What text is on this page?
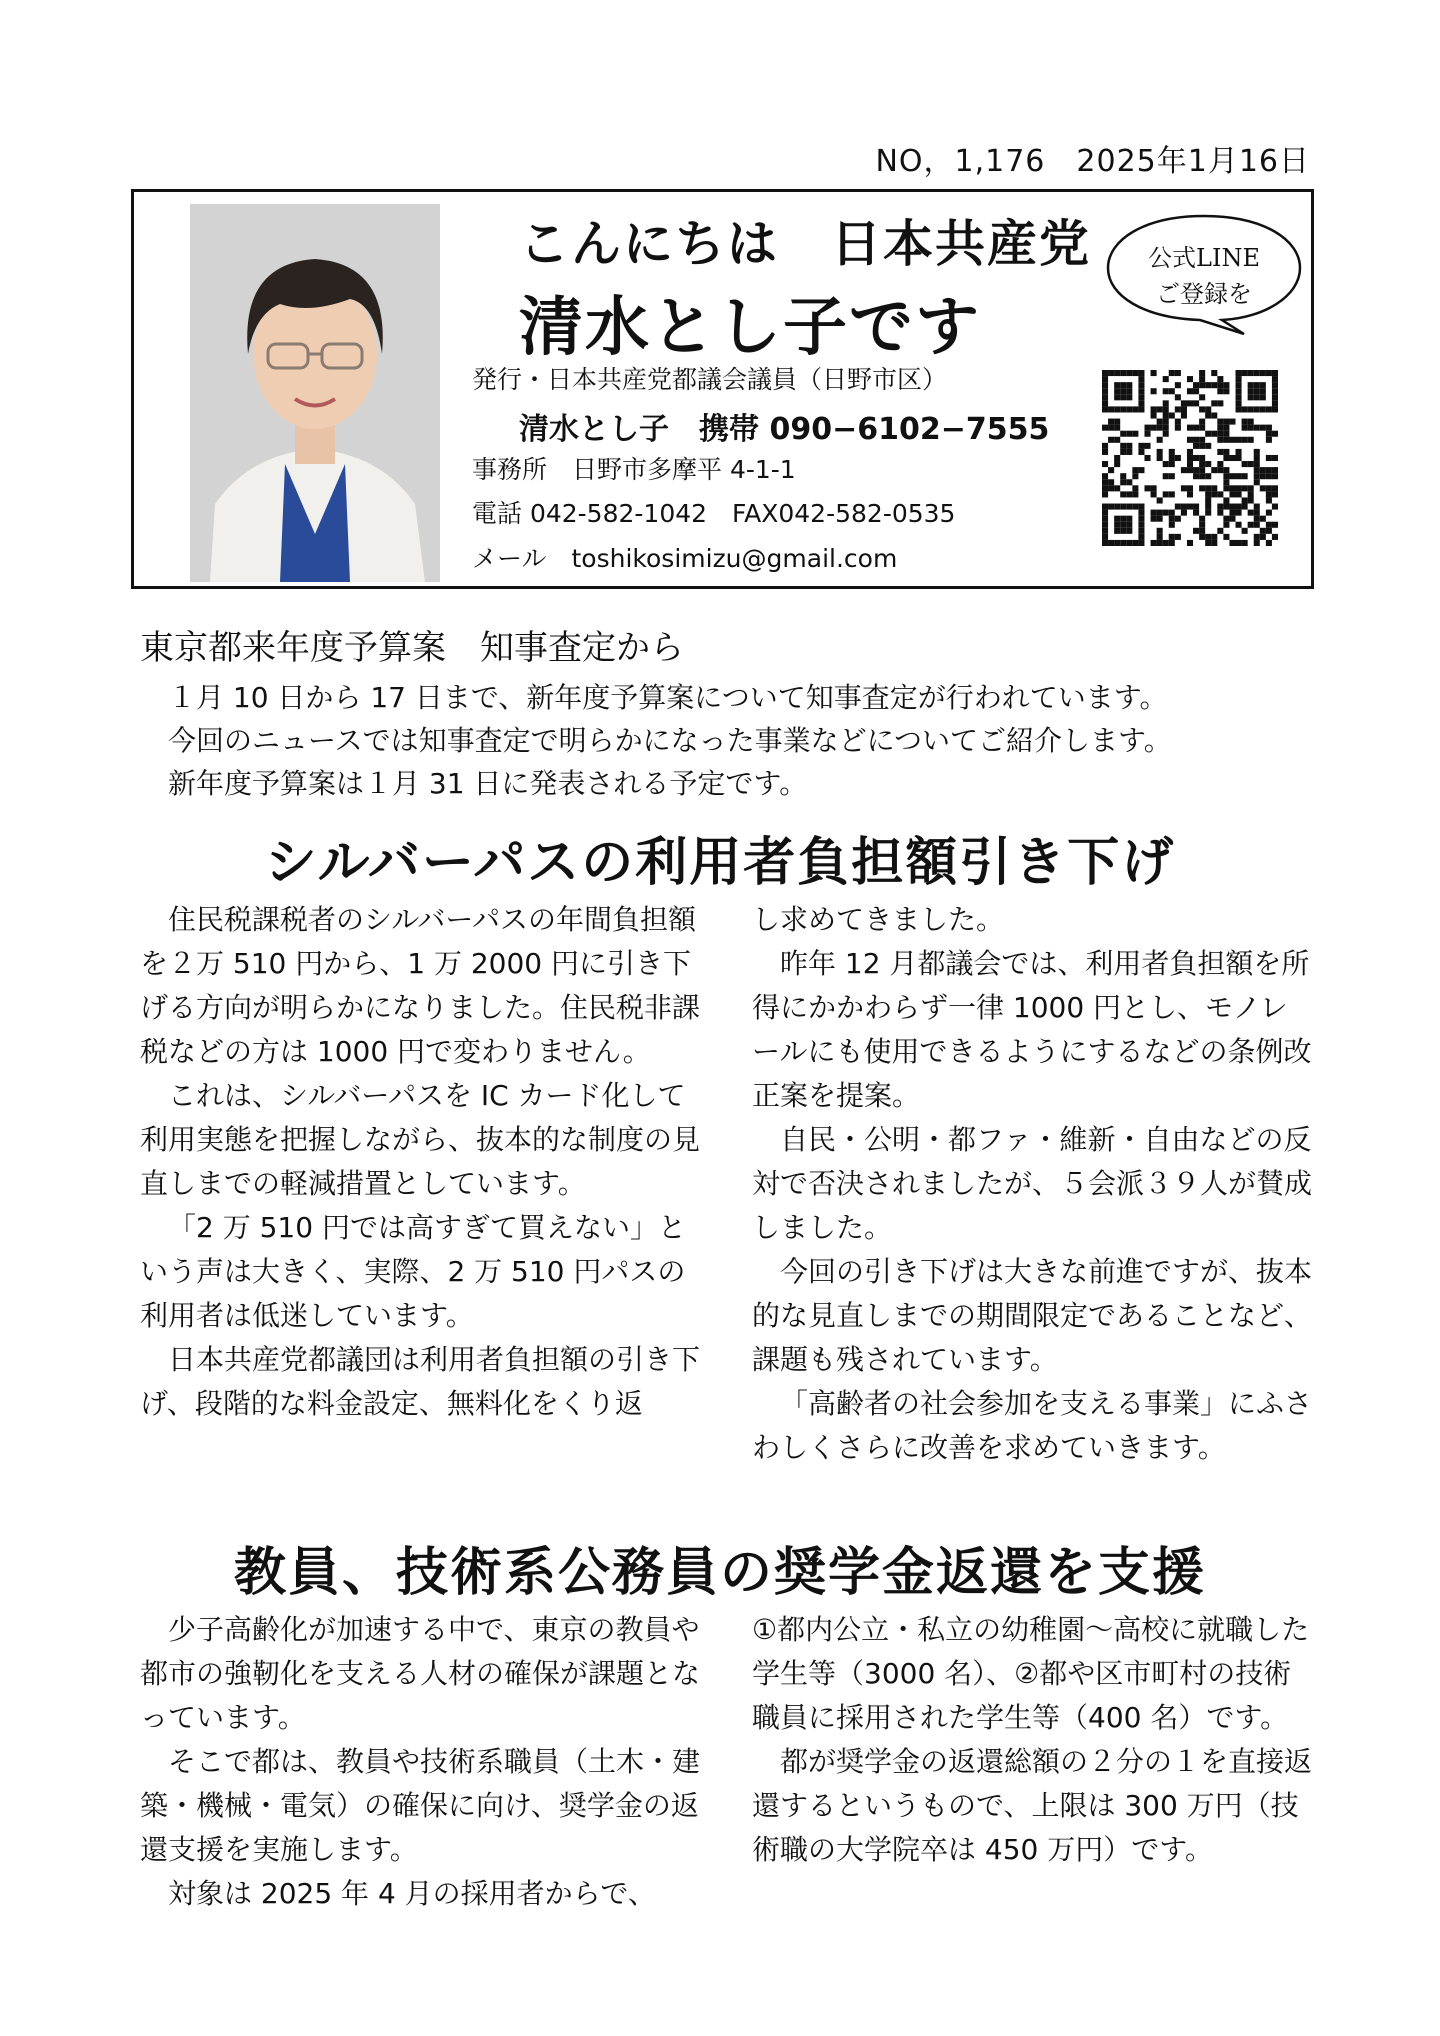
NO，1,176　2025年1月16日
こんにちは　日本共産党
清水とし子です
発行・日本共産党都議会議員（日野市区）
清水とし子　携帯 090−6102−7555
事務所　日野市多摩平 4-1-1
電話 042-582-1042　FAX042-582-0535
メール　toshikosimizu@gmail.com
公式LINE
ご登録を
東京都来年度予算案　知事査定から

１月 10 日から 17 日まで、新年度予算案について知事査定が行われています。

今回のニュースでは知事査定で明らかになった事業などについてご紹介します。

新年度予算案は１月 31 日に発表される予定です。

シルバーパスの利用者負担額引き下げ

住民税課税者のシルバーパスの年間負担額を２万 510 円から、1 万 2000 円に引き下げる方向が明らかになりました。住民税非課税などの方は 1000 円で変わりません。

これは、シルバーパスを IC カード化して利用実態を把握しながら、抜本的な制度の見直しまでの軽減措置としています。

「2 万 510 円では高すぎて買えない」という声は大きく、実際、2 万 510 円パスの利用者は低迷しています。

日本共産党都議団は利用者負担額の引き下げ、段階的な料金設定、無料化をくり返

し求めてきました。

昨年 12 月都議会では、利用者負担額を所得にかかわらず一律 1000 円とし、モノレールにも使用できるようにするなどの条例改正案を提案。

自民・公明・都ファ・維新・自由などの反対で否決されましたが、５会派３９人が賛成しました。

今回の引き下げは大きな前進ですが、抜本的な見直しまでの期間限定であることなど、課題も残されています。

「高齢者の社会参加を支える事業」にふさわしくさらに改善を求めていきます。

教員、技術系公務員の奨学金返還を支援

少子高齢化が加速する中で、東京の教員や都市の強靭化を支える人材の確保が課題となっています。

そこで都は、教員や技術系職員（土木・建築・機械・電気）の確保に向け、奨学金の返還支援を実施します。

対象は 2025 年 4 月の採用者からで、

①都内公立・私立の幼稚園〜高校に就職した学生等（3000 名）、②都や区市町村の技術職員に採用された学生等（400 名）です。

都が奨学金の返還総額の２分の１を直接返還するというもので、上限は 300 万円（技術職の大学院卒は 450 万円）です。
